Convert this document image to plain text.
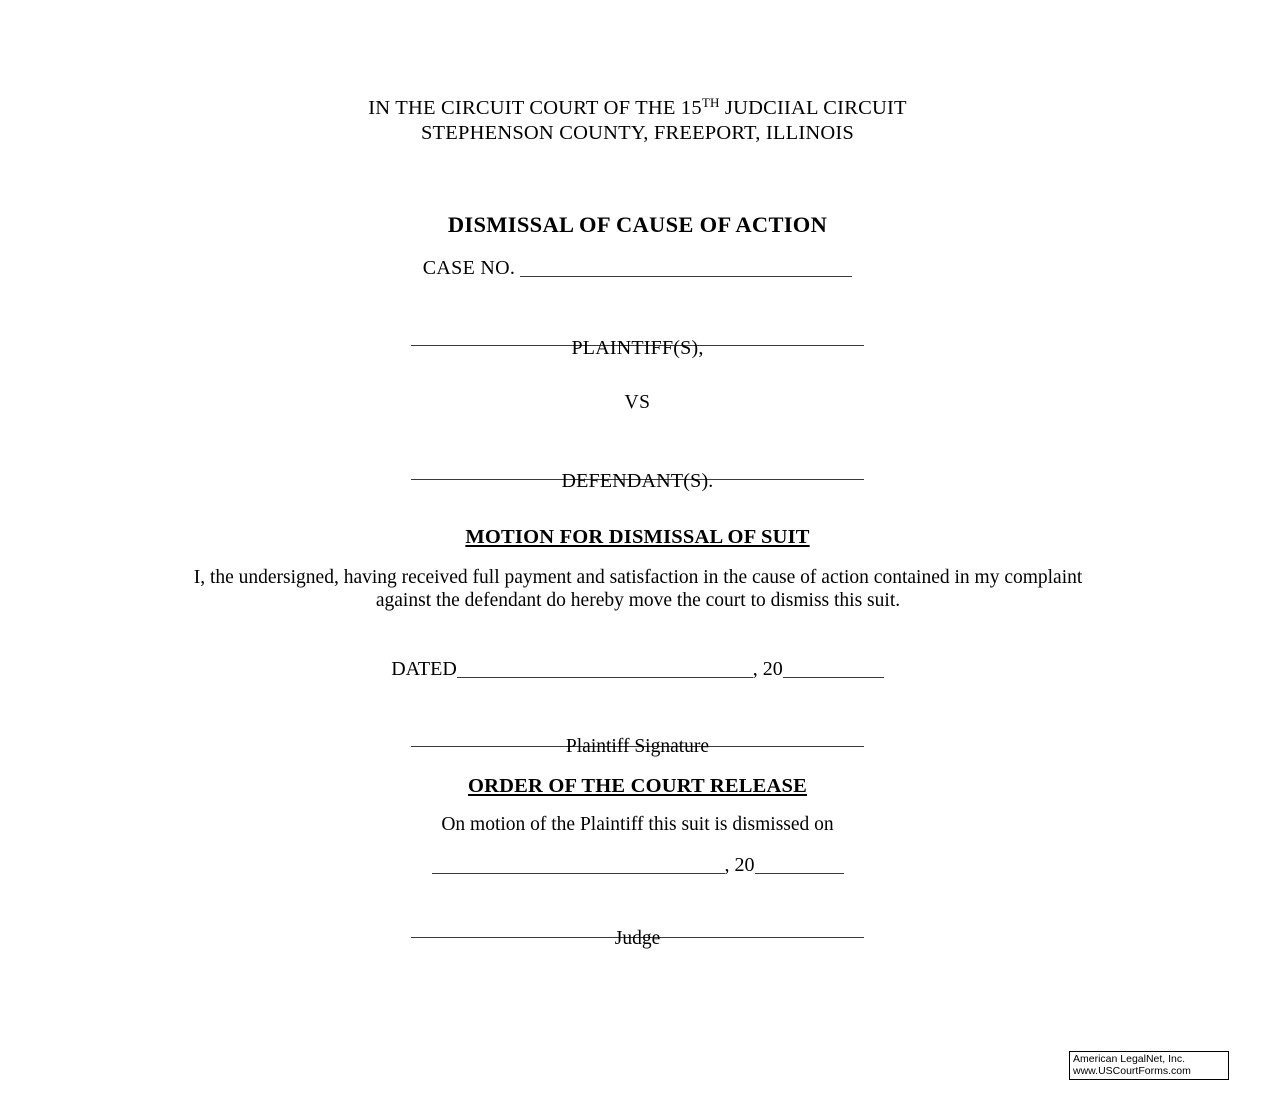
IN THE CIRCUIT COURT OF THE 15TH JUDCIIAL CIRCUIT
STEPHENSON COUNTY, FREEPORT, ILLINOIS
DISMISSAL OF CAUSE OF ACTION
CASE NO.
PLAINTIFF(S),
VS
DEFENDANT(S).
MOTION FOR DISMISSAL OF SUIT
I, the undersigned, having received full payment and satisfaction in the cause of action contained in my complaint against the defendant do hereby move the court to dismiss this suit.
DATED	, 20
Plaintiff Signature
ORDER OF THE COURT RELEASE
On motion of the Plaintiff this suit is dismissed on
, 20
Judge
American LegalNet, Inc.
www.USCourtForms.com
